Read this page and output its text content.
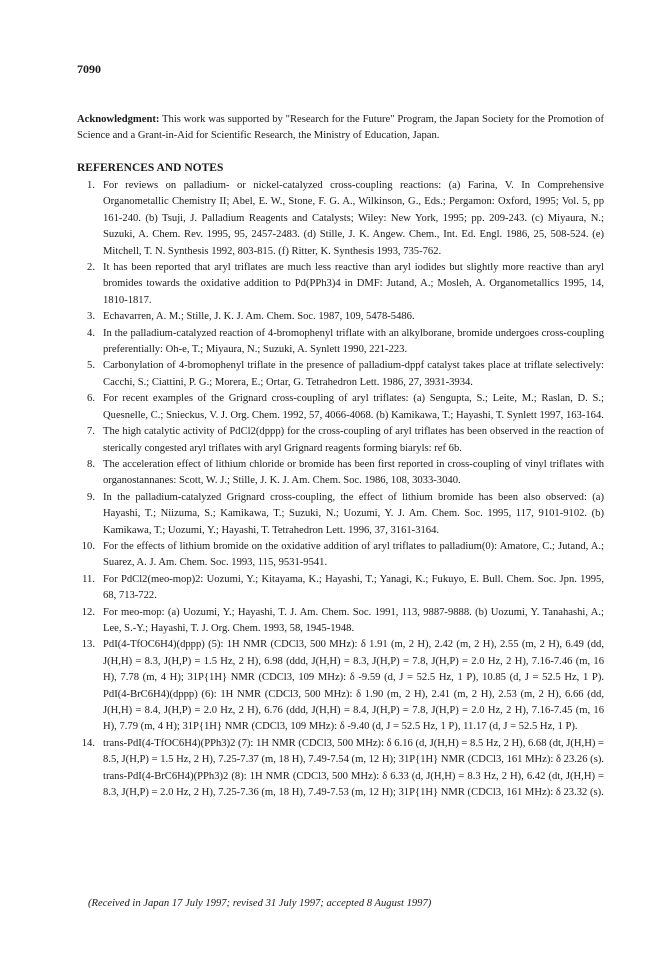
7090
Acknowledgment: This work was supported by "Research for the Future" Program, the Japan Society for the Promotion of Science and a Grant-in-Aid for Scientific Research, the Ministry of Education, Japan.
REFERENCES AND NOTES
1. For reviews on palladium- or nickel-catalyzed cross-coupling reactions: (a) Farina, V. In Comprehensive Organometallic Chemistry II; Abel, E. W., Stone, F. G. A., Wilkinson, G., Eds.; Pergamon: Oxford, 1995; Vol. 5, pp 161-240. (b) Tsuji, J. Palladium Reagents and Catalysts; Wiley: New York, 1995; pp. 209-243. (c) Miyaura, N.; Suzuki, A. Chem. Rev. 1995, 95, 2457-2483. (d) Stille, J. K. Angew. Chem., Int. Ed. Engl. 1986, 25, 508-524. (e) Mitchell, T. N. Synthesis 1992, 803-815. (f) Ritter, K. Synthesis 1993, 735-762.
2. It has been reported that aryl triflates are much less reactive than aryl iodides but slightly more reactive than aryl bromides towards the oxidative addition to Pd(PPh3)4 in DMF: Jutand, A.; Mosleh, A. Organometallics 1995, 14, 1810-1817.
3. Echavarren, A. M.; Stille, J. K. J. Am. Chem. Soc. 1987, 109, 5478-5486.
4. In the palladium-catalyzed reaction of 4-bromophenyl triflate with an alkylborane, bromide undergoes cross-coupling preferentially: Oh-e, T.; Miyaura, N.; Suzuki, A. Synlett 1990, 221-223.
5. Carbonylation of 4-bromophenyl triflate in the presence of palladium-dppf catalyst takes place at triflate selectively: Cacchi, S.; Ciattini, P. G.; Morera, E.; Ortar, G. Tetrahedron Lett. 1986, 27, 3931-3934.
6. For recent examples of the Grignard cross-coupling of aryl triflates: (a) Sengupta, S.; Leite, M.; Raslan, D. S.; Quesnelle, C.; Snieckus, V. J. Org. Chem. 1992, 57, 4066-4068. (b) Kamikawa, T.; Hayashi, T. Synlett 1997, 163-164.
7. The high catalytic activity of PdCl2(dppp) for the cross-coupling of aryl triflates has been observed in the reaction of sterically congested aryl triflates with aryl Grignard reagents forming biaryls: ref 6b.
8. The acceleration effect of lithium chloride or bromide has been first reported in cross-coupling of vinyl triflates with organostannanes: Scott, W. J.; Stille, J. K. J. Am. Chem. Soc. 1986, 108, 3033-3040.
9. In the palladium-catalyzed Grignard cross-coupling, the effect of lithium bromide has been also observed: (a) Hayashi, T.; Niizuma, S.; Kamikawa, T.; Suzuki, N.; Uozumi, Y. J. Am. Chem. Soc. 1995, 117, 9101-9102. (b) Kamikawa, T.; Uozumi, Y.; Hayashi, T. Tetrahedron Lett. 1996, 37, 3161-3164.
10. For the effects of lithium bromide on the oxidative addition of aryl triflates to palladium(0): Amatore, C.; Jutand, A.; Suarez, A. J. Am. Chem. Soc. 1993, 115, 9531-9541.
11. For PdCl2(meo-mop)2: Uozumi, Y.; Kitayama, K.; Hayashi, T.; Yanagi, K.; Fukuyo, E. Bull. Chem. Soc. Jpn. 1995, 68, 713-722.
12. For meo-mop: (a) Uozumi, Y.; Hayashi, T. J. Am. Chem. Soc. 1991, 113, 9887-9888. (b) Uozumi, Y. Tanahashi, A.; Lee, S.-Y.; Hayashi, T. J. Org. Chem. 1993, 58, 1945-1948.
13. PdI(4-TfOC6H4)(dppp) (5): 1H NMR (CDCl3, 500 MHz): δ 1.91 (m, 2 H), 2.42 (m, 2 H), 2.55 (m, 2 H), 6.49 (dd, J(H,H) = 8.3, J(H,P) = 1.5 Hz, 2 H), 6.98 (ddd, J(H,H) = 8.3, J(H,P) = 7.8, J(H,P) = 2.0 Hz, 2 H), 7.16-7.46 (m, 16 H), 7.78 (m, 4 H); 31P{1H} NMR (CDCl3, 109 MHz): δ -9.59 (d, J = 52.5 Hz, 1 P), 10.85 (d, J = 52.5 Hz, 1 P). PdI(4-BrC6H4)(dppp) (6): 1H NMR (CDCl3, 500 MHz): δ 1.90 (m, 2 H), 2.41 (m, 2 H), 2.53 (m, 2 H), 6.66 (dd, J(H,H) = 8.4, J(H,P) = 2.0 Hz, 2 H), 6.76 (ddd, J(H,H) = 8.4, J(H,P) = 7.8, J(H,P) = 2.0 Hz, 2 H), 7.16-7.45 (m, 16 H), 7.79 (m, 4 H); 31P{1H} NMR (CDCl3, 109 MHz): δ -9.40 (d, J = 52.5 Hz, 1 P), 11.17 (d, J = 52.5 Hz, 1 P).
14. trans-PdI(4-TfOC6H4)(PPh3)2 (7): 1H NMR (CDCl3, 500 MHz): δ 6.16 (d, J(H,H) = 8.5 Hz, 2 H), 6.68 (dt, J(H,H) = 8.5, J(H,P) = 1.5 Hz, 2 H), 7.25-7.37 (m, 18 H), 7.49-7.54 (m, 12 H); 31P{1H} NMR (CDCl3, 161 MHz): δ 23.26 (s). trans-PdI(4-BrC6H4)(PPh3)2 (8): 1H NMR (CDCl3, 500 MHz): δ 6.33 (d, J(H,H) = 8.3 Hz, 2 H), 6.42 (dt, J(H,H) = 8.3, J(H,P) = 2.0 Hz, 2 H), 7.25-7.36 (m, 18 H), 7.49-7.53 (m, 12 H); 31P{1H} NMR (CDCl3, 161 MHz): δ 23.32 (s).
(Received in Japan 17 July 1997; revised 31 July 1997; accepted 8 August 1997)
